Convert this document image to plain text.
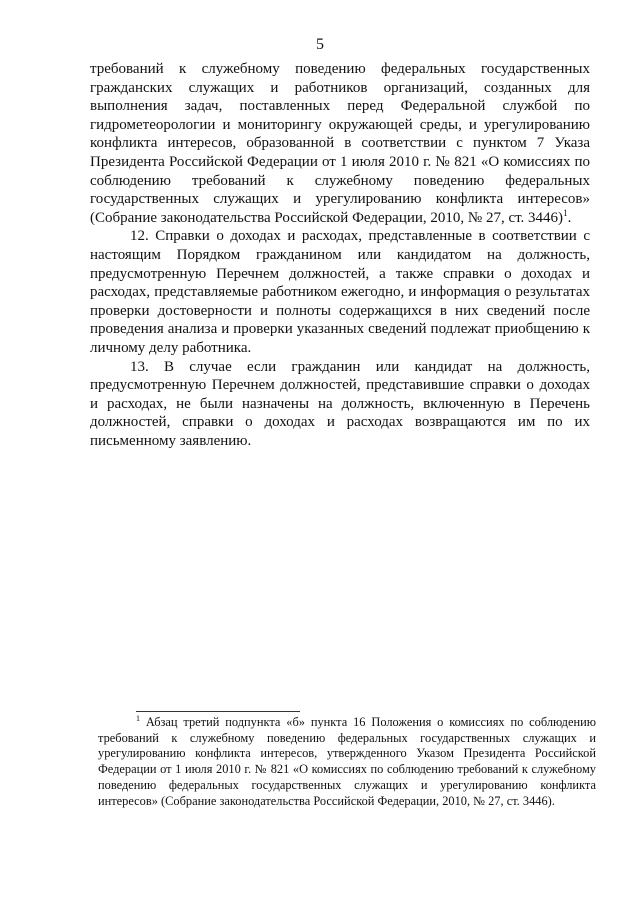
5

требований к служебному поведению федеральных государственных гражданских служащих и работников организаций, созданных для выполнения задач, поставленных перед Федеральной службой по гидрометеорологии и мониторингу окружающей среды, и урегулированию конфликта интересов, образованной в соответствии с пунктом 7 Указа Президента Российской Федерации от 1 июля 2010 г. № 821 «О комиссиях по соблюдению требований к служебному поведению федеральных государственных служащих и урегулированию конфликта интересов» (Собрание законодательства Российской Федерации, 2010, № 27, ст. 3446)$^1$.

12. Справки о доходах и расходах, представленные в соответствии с настоящим Порядком гражданином или кандидатом на должность, предусмотренную Перечнем должностей, а также справки о доходах и расходах, представляемые работником ежегодно, и информация о результатах проверки достоверности и полноты содержащихся в них сведений после проведения анализа и проверки указанных сведений подлежат приобщению к личному делу работника.

13. В случае если гражданин или кандидат на должность, предусмотренную Перечнем должностей, представившие справки о доходах и расходах, не были назначены на должность, включенную в Перечень должностей, справки о доходах и расходах возвращаются им по их письменному заявлению.

$^1$ Абзац третий подпункта «б» пункта 16 Положения о комиссиях по соблюдению требований к служебному поведению федеральных государственных служащих и урегулированию конфликта интересов, утвержденного Указом Президента Российской Федерации от 1 июля 2010 г. № 821 «О комиссиях по соблюдению требований к служебному поведению федеральных государственных служащих и урегулированию конфликта интересов» (Собрание законодательства Российской Федерации, 2010, № 27, ст. 3446).
